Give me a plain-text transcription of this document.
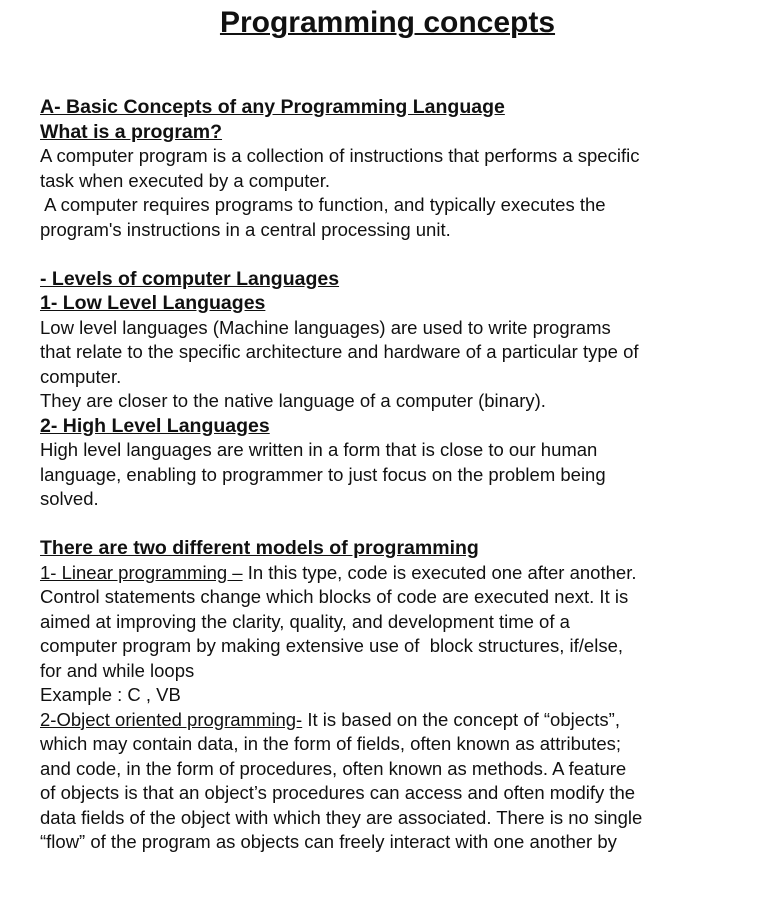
Programming concepts
A- Basic Concepts of any Programming Language
What is a program?
A computer program is a collection of instructions that performs a specific
task when executed by a computer.
A computer requires programs to function, and typically executes the
program's instructions in a central processing unit.
- Levels of computer Languages
1- Low Level Languages
Low level languages (Machine languages) are used to write programs
that relate to the specific architecture and hardware of a particular type of
computer.
They are closer to the native language of a computer (binary).
2- High Level Languages
High level languages are written in a form that is close to our human
language, enabling to programmer to just focus on the problem being
solved.
There are two different models of programming
1- Linear programming – In this type, code is executed one after another.
Control statements change which blocks of code are executed next. It is
aimed at improving the clarity, quality, and development time of a
computer program by making extensive use of  block structures, if/else,
for and while loops
Example : C , VB
2-Object oriented programming- It is based on the concept of “objects”,
which may contain data, in the form of fields, often known as attributes;
and code, in the form of procedures, often known as methods. A feature
of objects is that an object’s procedures can access and often modify the
data fields of the object with which they are associated. There is no single
“flow” of the program as objects can freely interact with one another by
